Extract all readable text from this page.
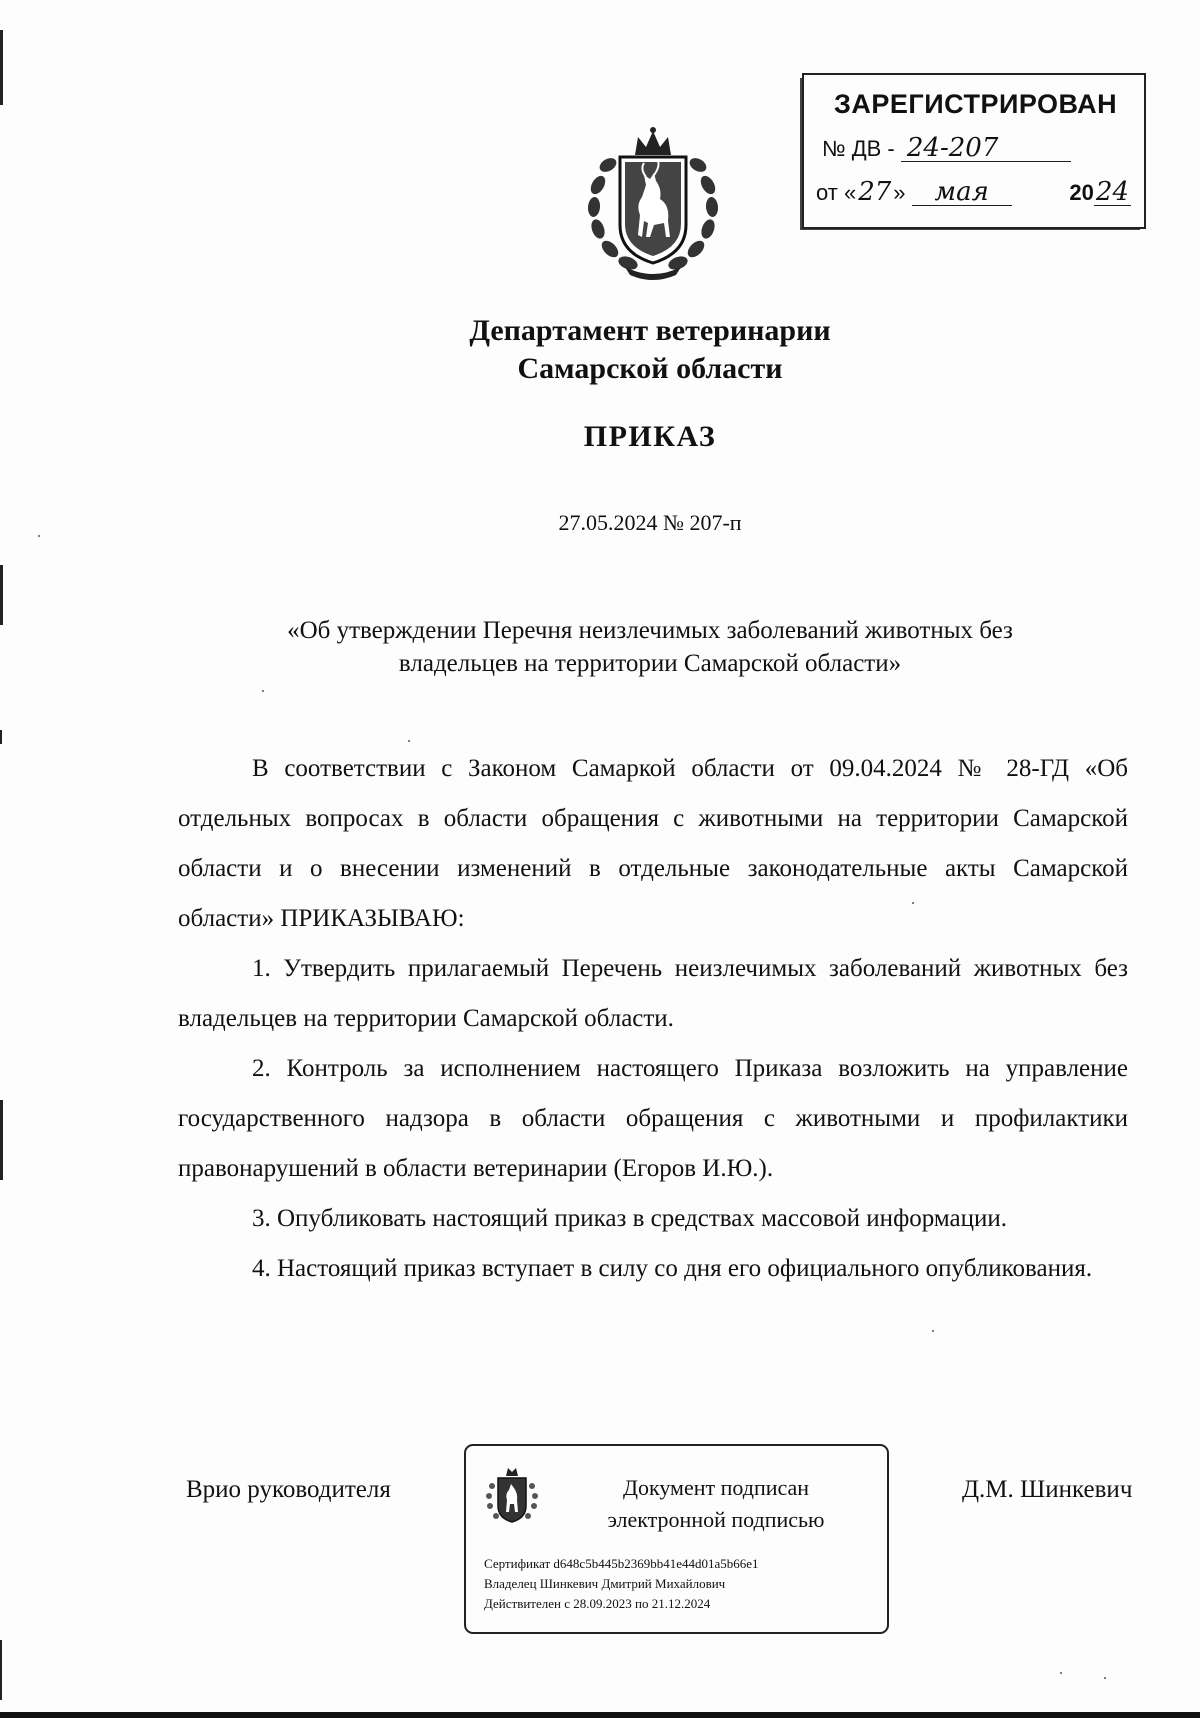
ЗАРЕГИСТРИРОВАН
№ ДВ - 24-207
от «27» мая	2024
Департамент ветеринарии
Самарской области
ПРИКАЗ
27.05.2024 № 207-п
«Об утверждении Перечня неизлечимых заболеваний животных без
владельцев на территории Самарской области»

В соответствии с Законом Самаркой области от 09.04.2024 № 28-ГД «Об отдельных вопросах в области обращения с животными на территории Самарской области и о внесении изменений в отдельные законодательные акты Самарской области» ПРИКАЗЫВАЮ:

1. Утвердить прилагаемый Перечень неизлечимых заболеваний животных без владельцев на территории Самарской области.

2. Контроль за исполнением настоящего Приказа возложить на управление государственного надзора в области обращения с животными и профилактики правонарушений в области ветеринарии (Егоров И.Ю.).

3. Опубликовать настоящий приказ в средствах массовой информации.

4. Настоящий приказ вступает в силу со дня его официального опубликования.

Врио руководителя	Документ подписан
электронной подписью
Сертификат d648c5b445b2369bb41e44d01a5b66e1
Владелец Шинкевич Дмитрий Михайлович
Действителен с 28.09.2023 по 21.12.2024
Д.М. Шинкевич
